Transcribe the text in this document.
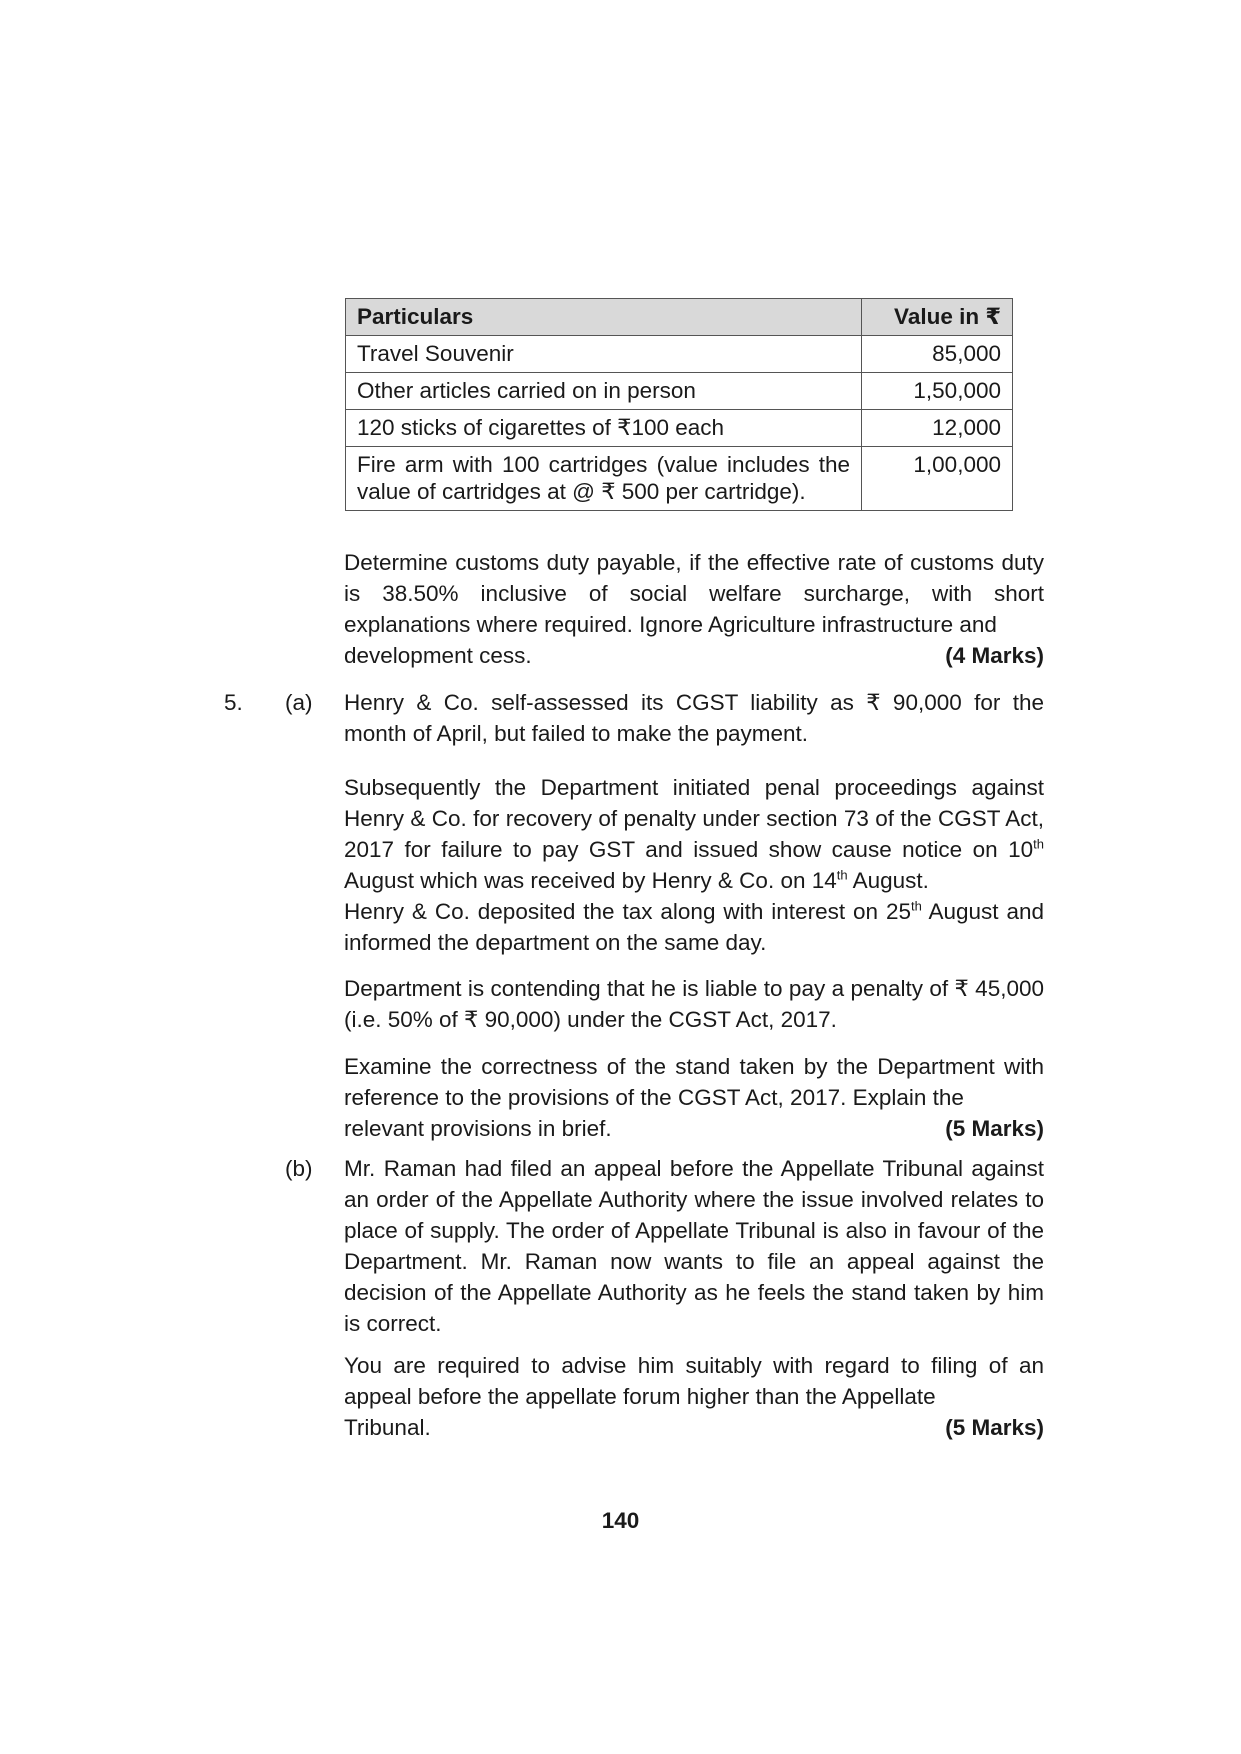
Particulars	Value in ₹
Travel Souvenir	85,000
Other articles carried on in person	1,50,000
120 sticks of cigarettes of ₹100 each	12,000
Fire arm with 100 cartridges (value includes the value of cartridges at @ ₹ 500 per cartridge).	1,00,000
Determine customs duty payable, if the effective rate of customs duty is 38.50% inclusive of social welfare surcharge, with short explanations where required. Ignore Agriculture infrastructure and
development cess.	(4 Marks)
5. (a) Henry & Co. self-assessed its CGST liability as ₹ 90,000 for the month of April, but failed to make the payment.

Subsequently the Department initiated penal proceedings against Henry & Co. for recovery of penalty under section 73 of the CGST Act, 2017 for failure to pay GST and issued show cause notice on 10th August which was received by Henry & Co. on 14th August.

Henry & Co. deposited the tax along with interest on 25th August and informed the department on the same day.

Department is contending that he is liable to pay a penalty of ₹ 45,000 (i.e. 50% of ₹ 90,000) under the CGST Act, 2017.

Examine the correctness of the stand taken by the Department with reference to the provisions of the CGST Act, 2017. Explain the
relevant provisions in brief.	(5 Marks)
(b) Mr. Raman had filed an appeal before the Appellate Tribunal against an order of the Appellate Authority where the issue involved relates to place of supply. The order of Appellate Tribunal is also in favour of the Department. Mr. Raman now wants to file an appeal against the decision of the Appellate Authority as he feels the stand taken by him is correct.

You are required to advise him suitably with regard to filing of an appeal before the appellate forum higher than the Appellate
Tribunal.	(5 Marks)
140
